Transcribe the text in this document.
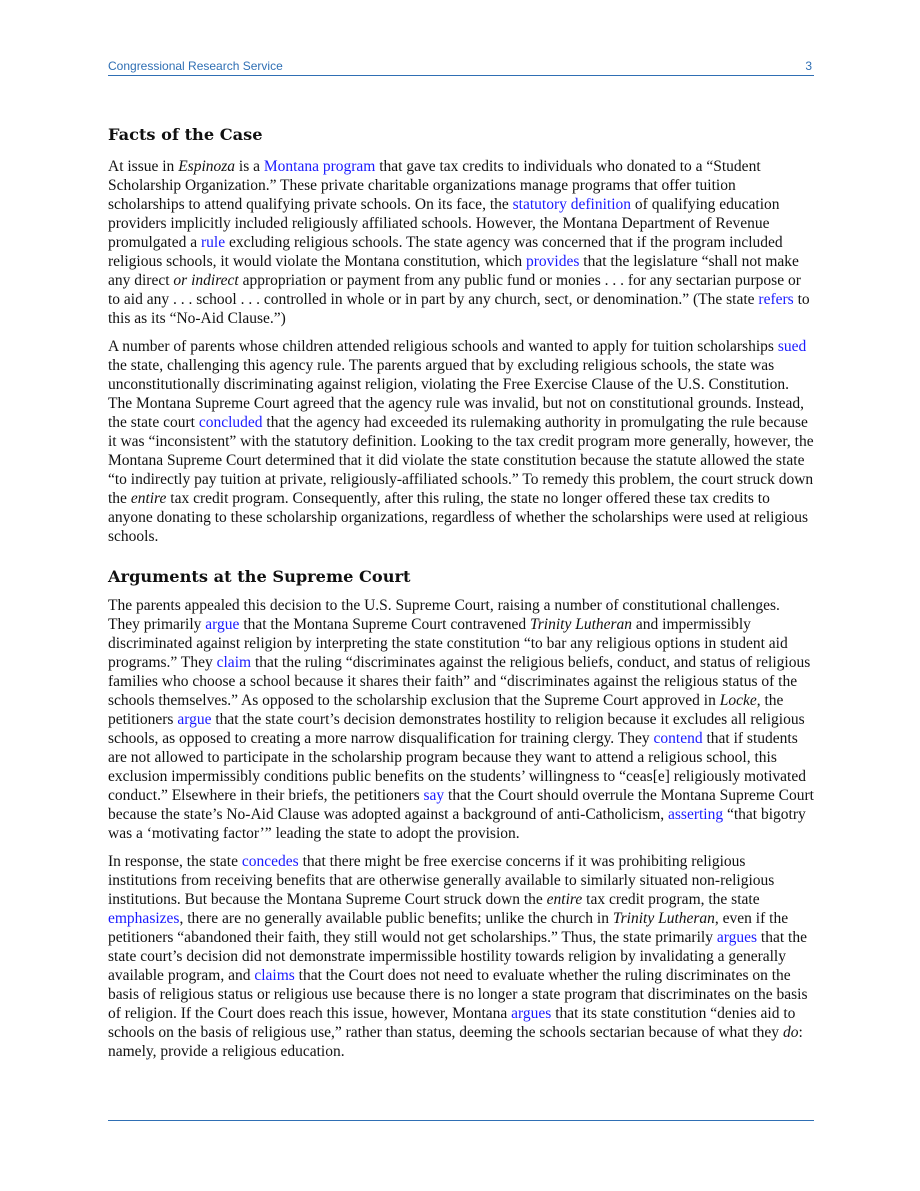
Congressional Research Service	3
Facts of the Case

At issue in Espinoza is a Montana program that gave tax credits to individuals who donated to a “Student Scholarship Organization.” These private charitable organizations manage programs that offer tuition scholarships to attend qualifying private schools. On its face, the statutory definition of qualifying education providers implicitly included religiously affiliated schools. However, the Montana Department of Revenue promulgated a rule excluding religious schools. The state agency was concerned that if the program included religious schools, it would violate the Montana constitution, which provides that the legislature “shall not make any direct or indirect appropriation or payment from any public fund or monies . . . for any sectarian purpose or to aid any . . . school . . . controlled in whole or in part by any church, sect, or denomination.” (The state refers to this as its “No-Aid Clause.”)

A number of parents whose children attended religious schools and wanted to apply for tuition scholarships sued the state, challenging this agency rule. The parents argued that by excluding religious schools, the state was unconstitutionally discriminating against religion, violating the Free Exercise Clause of the U.S. Constitution. The Montana Supreme Court agreed that the agency rule was invalid, but not on constitutional grounds. Instead, the state court concluded that the agency had exceeded its rulemaking authority in promulgating the rule because it was “inconsistent” with the statutory definition. Looking to the tax credit program more generally, however, the Montana Supreme Court determined that it did violate the state constitution because the statute allowed the state “to indirectly pay tuition at private, religiously-affiliated schools.” To remedy this problem, the court struck down the entire tax credit program. Consequently, after this ruling, the state no longer offered these tax credits to anyone donating to these scholarship organizations, regardless of whether the scholarships were used at religious schools.

Arguments at the Supreme Court

The parents appealed this decision to the U.S. Supreme Court, raising a number of constitutional challenges. They primarily argue that the Montana Supreme Court contravened Trinity Lutheran and impermissibly discriminated against religion by interpreting the state constitution “to bar any religious options in student aid programs.” They claim that the ruling “discriminates against the religious beliefs, conduct, and status of religious families who choose a school because it shares their faith” and “discriminates against the religious status of the schools themselves.” As opposed to the scholarship exclusion that the Supreme Court approved in Locke, the petitioners argue that the state court’s decision demonstrates hostility to religion because it excludes all religious schools, as opposed to creating a more narrow disqualification for training clergy. They contend that if students are not allowed to participate in the scholarship program because they want to attend a religious school, this exclusion impermissibly conditions public benefits on the students’ willingness to “ceas[e] religiously motivated conduct.” Elsewhere in their briefs, the petitioners say that the Court should overrule the Montana Supreme Court because the state’s No-Aid Clause was adopted against a background of anti-Catholicism, asserting “that bigotry was a ‘motivating factor’” leading the state to adopt the provision.

In response, the state concedes that there might be free exercise concerns if it was prohibiting religious institutions from receiving benefits that are otherwise generally available to similarly situated non-religious institutions. But because the Montana Supreme Court struck down the entire tax credit program, the state emphasizes, there are no generally available public benefits; unlike the church in Trinity Lutheran, even if the petitioners “abandoned their faith, they still would not get scholarships.” Thus, the state primarily argues that the state court’s decision did not demonstrate impermissible hostility towards religion by invalidating a generally available program, and claims that the Court does not need to evaluate whether the ruling discriminates on the basis of religious status or religious use because there is no longer a state program that discriminates on the basis of religion. If the Court does reach this issue, however, Montana argues that its state constitution “denies aid to schools on the basis of religious use,” rather than status, deeming the schools sectarian because of what they do: namely, provide a religious education.
